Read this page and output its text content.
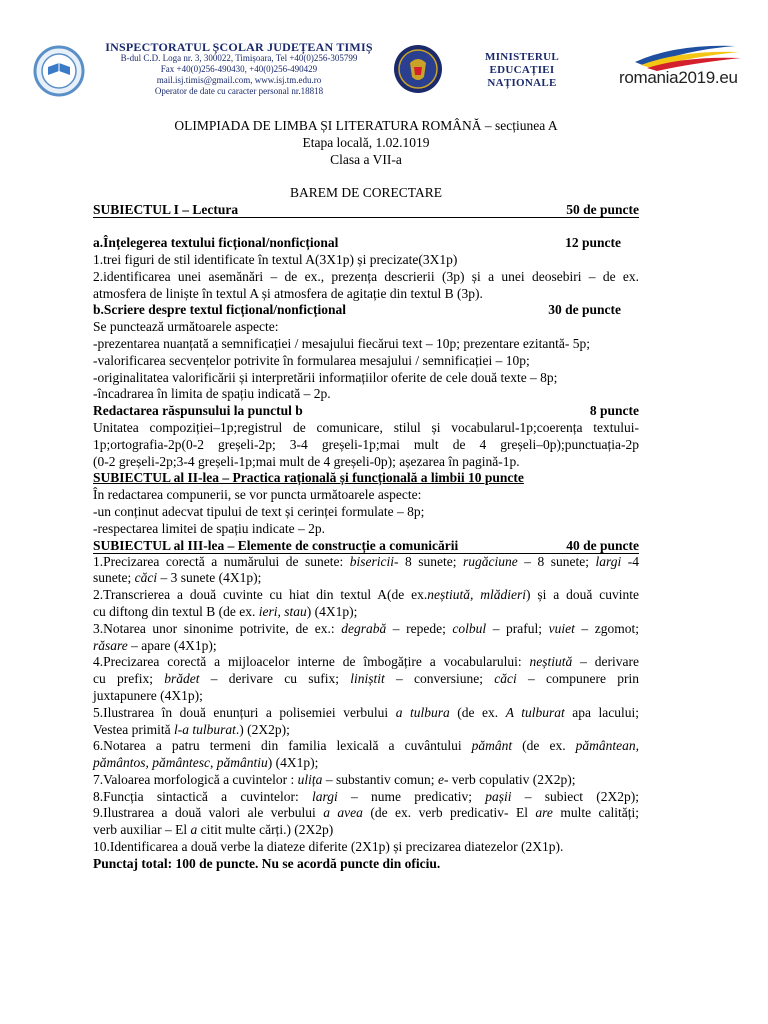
INSPECTORATUL ȘCOLAR JUDEȚEAN TIMIȘ
B-dul C.D. Loga nr. 3, 300022, Timișoara, Tel +40(0)256-305799
Fax +40(0)256-490430, +40(0)256-490429
mail.isj.timis@gmail.com, www.isj.tm.edu.ro
Operator de date cu caracter personal nr.18818
MINISTERUL EDUCAȚIEI
NAȚIONALE	romania2019.eu
OLIMPIADA DE LIMBA ȘI LITERATURA ROMÂNĂ – secțiunea A
Etapa locală, 1.02.1019
Clasa a VII-a
BAREM DE CORECTARE
SUBIECTUL I – Lectura	50 de puncte
a.Înțelegerea textului ficțional/nonficțional	12 puncte
1.trei figuri de stil identificate în textul A(3X1p) și precizate(3X1p)
2.identificarea unei asemănări – de ex., prezența descrierii (3p) și a unei deosebiri – de ex.
atmosfera de liniște în textul A și atmosfera de agitație din textul B (3p).
b.Scriere despre textul ficțional/nonficțional	30 de puncte
Se punctează următoarele aspecte:
-prezentarea nuanțată a semnificației / mesajului fiecărui text – 10p; prezentare ezitantă- 5p;
-valorificarea secvențelor potrivite în formularea mesajului / semnificației – 10p;
-originalitatea valorificării și interpretării informațiilor oferite de cele două texte – 8p;
-încadrarea în limita de spațiu indicată – 2p.
Redactarea răspunsului la punctul b	8 puncte
Unitatea compoziției–1p;registrul de comunicare, stilul și vocabularul-1p;coerența textului-
1p;ortografia-2p(0-2 greșeli-2p; 3-4 greșeli-1p;mai mult de 4 greșeli–0p);punctuația-2p
(0-2 greșeli-2p;3-4 greșeli-1p;mai mult de 4 greșeli-0p); așezarea în pagină-1p.
SUBIECTUL al II-lea – Practica rațională și funcțională a limbii 10 puncte
În redactarea compunerii, se vor puncta următoarele aspecte:
-un conținut adecvat tipului de text și cerinței formulate – 8p;
-respectarea limitei de spațiu indicate – 2p.
SUBIECTUL al III-lea – Elemente de construcție a comunicării	40 de puncte
1.Precizarea corectă a numărului de sunete: bisericii- 8 sunete; rugăciune – 8 sunete; largi -4
sunete; căci – 3 sunete (4X1p);
2.Transcrierea a două cuvinte cu hiat din textul A(de ex.neștiută, mlădieri) și a două cuvinte
cu diftong din textul B (de ex. ieri, stau) (4X1p);
3.Notarea unor sinonime potrivite, de ex.: degrabă – repede; colbul – praful; vuiet – zgomot;
răsare – apare (4X1p);
4.Precizarea corectă a mijloacelor interne de îmbogățire a vocabularului: neștiută – derivare
cu prefix; brădet – derivare cu sufix; liniștit – conversiune; căci – compunere prin
juxtapunere (4X1p);
5.Ilustrarea în două enunțuri a polisemiei verbului a tulbura (de ex. A tulburat apa lacului;
Vestea primită l-a tulburat.) (2X2p);
6.Notarea a patru termeni din familia lexicală a cuvântului pământ (de ex. pământean,
pământos, pământesc, pământiu) (4X1p);
7.Valoarea morfologică a cuvintelor : ulița – substantiv comun; e- verb copulativ (2X2p);
8.Funcția sintactică a cuvintelor: largi – nume predicativ; pașii – subiect (2X2p);
9.Ilustrarea a două valori ale verbului a avea (de ex. verb predicativ- El are multe calități;
verb auxiliar – El a citit multe cărți.) (2X2p)
10.Identificarea a două verbe la diateze diferite (2X1p) și precizarea diatezelor (2X1p).
Punctaj total: 100 de puncte. Nu se acordă puncte din oficiu.
